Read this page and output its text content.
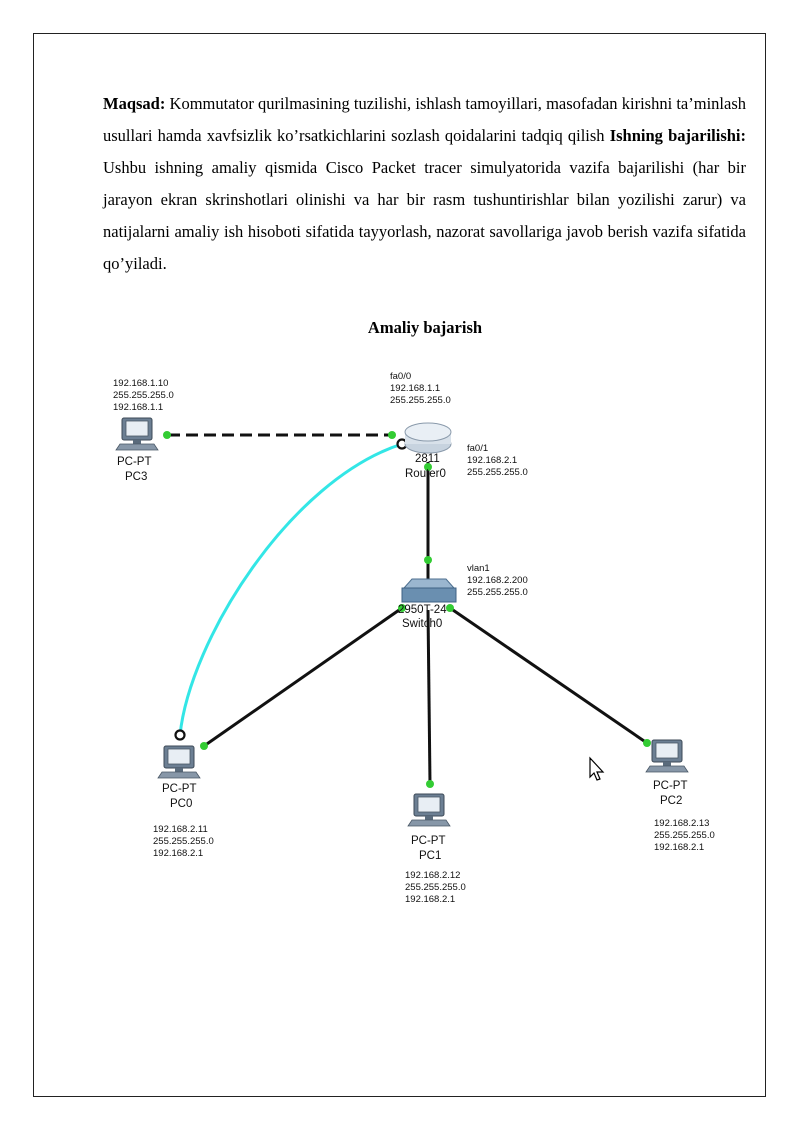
Maqsad: Kommutator qurilmasining tuzilishi, ishlash tamoyillari, masofadan kirishni ta’minlash usullari hamda xavfsizlik ko’rsatkichlarini sozlash qoidalarini tadqiq qilish Ishning bajarilishi: Ushbu ishning amaliy qismida Cisco Packet tracer simulyatorida vazifa bajarilishi (har bir jarayon ekran skrinshotlari olinishi va har bir rasm tushuntirishlar bilan yozilishi zarur) va natijalarni amaliy ish hisoboti sifatida tayyorlash, nazorat savollariga javob berish vazifa sifatida qo’yiladi.
Amaliy bajarish
fa0/0
192.168.1.1
255.255.255.0
fa0/1
192.168.2.1
255.255.255.0
2811
Router0
vlan1
192.168.2.200
255.255.255.0
2950T-24
Switch0
192.168.1.10
255.255.255.0
192.168.1.1
PC-PT
PC3
PC-PT
PC0
192.168.2.11
255.255.255.0
192.168.2.1
PC-PT
PC1
192.168.2.12
255.255.255.0
192.168.2.1
PC-PT
PC2
192.168.2.13
255.255.255.0
192.168.2.1
